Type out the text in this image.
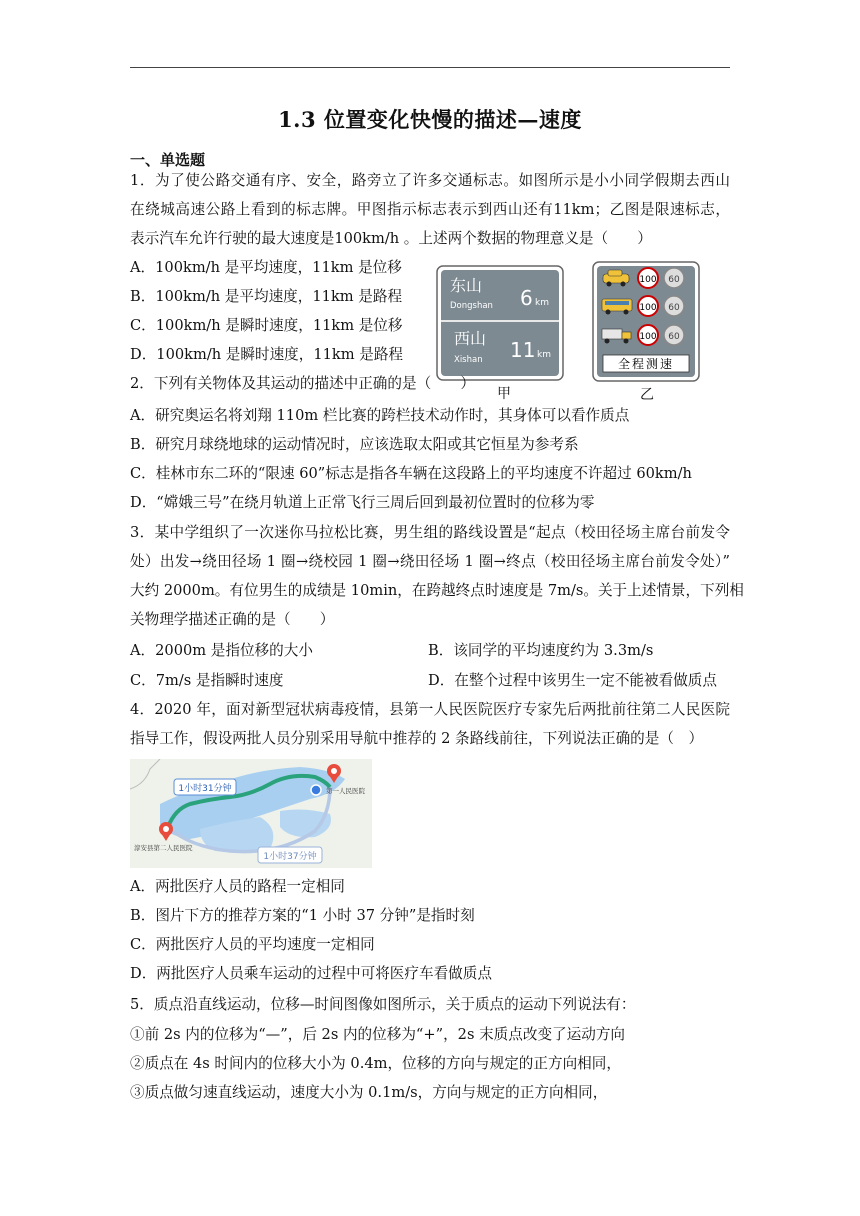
1.3 位置变化快慢的描述—速度
一、单选题
1．为了使公路交通有序、安全，路旁立了许多交通标志。如图所示是小小同学假期去西山
在绕城高速公路上看到的标志牌。甲图指示标志表示到西山还有11km；乙图是限速标志，
表示汽车允许行驶的最大速度是100km/h 。上述两个数据的物理意义是（　　）
A．100km/h 是平均速度，11km 是位移
B．100km/h 是平均速度，11km 是路程
C．100km/h 是瞬时速度，11km 是位移
D．100km/h 是瞬时速度，11km 是路程
东山
Dongshan 6 km
西山
Xishan 11 km
甲
100 60
100 60
100 60
全程测速
乙
2．下列有关物体及其运动的描述中正确的是（　　）
A．研究奥运名将刘翔 110m 栏比赛的跨栏技术动作时，其身体可以看作质点
B．研究月球绕地球的运动情况时，应该选取太阳或其它恒星为参考系
C．桂林市东二环的“限速 60”标志是指各车辆在这段路上的平均速度不许超过 60km/h
D．“嫦娥三号”在绕月轨道上正常飞行三周后回到最初位置时的位移为零
3．某中学组织了一次迷你马拉松比赛，男生组的路线设置是“起点（校田径场主席台前发令
处）出发→绕田径场 1 圈→绕校园 1 圈→绕田径场 1 圈→终点（校田径场主席台前发令处）”
大约 2000m。有位男生的成绩是 10min，在跨越终点时速度是 7m/s。关于上述情景，下列相
关物理学描述正确的是（　　）
A．2000m 是指位移的大小	B．该同学的平均速度约为 3.3m/s
C．7m/s 是指瞬时速度	D．在整个过程中该男生一定不能被看做质点
4．2020 年，面对新型冠状病毒疫情，县第一人民医院医疗专家先后两批前往第二人民医院
指导工作，假设两批人员分别采用导航中推荐的 2 条路线前往，下列说法正确的是（　）
1小时31分钟
1小时37分钟
第一人民医院
淳安县第二人民医院
A．两批医疗人员的路程一定相同
B．图片下方的推荐方案的“1 小时 37 分钟”是指时刻
C．两批医疗人员的平均速度一定相同
D．两批医疗人员乘车运动的过程中可将医疗车看做质点
5．质点沿直线运动，位移—时间图像如图所示，关于质点的运动下列说法有：
①前 2s 内的位移为“—”，后 2s 内的位移为“+”，2s 末质点改变了运动方向
②质点在 4s 时间内的位移大小为 0.4m，位移的方向与规定的正方向相同，
③质点做匀速直线运动，速度大小为 0.1m/s，方向与规定的正方向相同，
